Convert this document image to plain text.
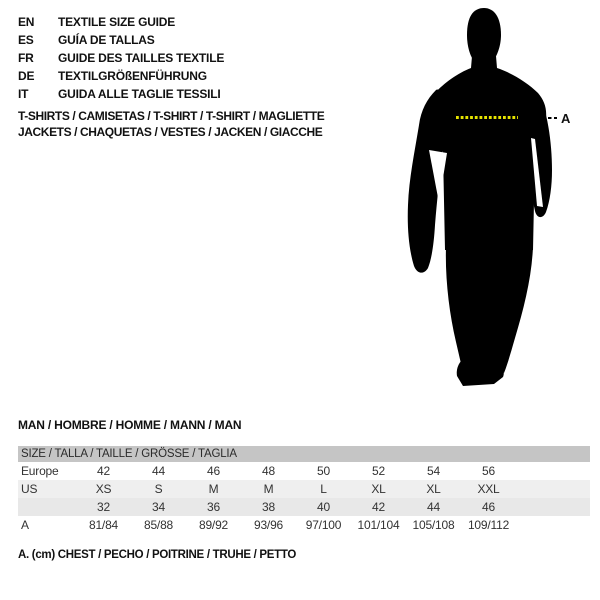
EN	TEXTILE SIZE GUIDE
ES	GUÍA DE TALLAS
FR	GUIDE DES TAILLES TEXTILE
DE	TEXTILGRÖßENFÜHRUNG
IT	GUIDA ALLE TAGLIE TESSILI
T-SHIRTS / CAMISETAS / T-SHIRT / T-SHIRT / MAGLIETTE
JACKETS / CHAQUETAS / VESTES / JACKEN / GIACCHE
A
MAN / HOMBRE / HOMME / MANN / MAN
SIZE / TALLA / TAILLE / GRÖSSE / TAGLIA									
Europe	42	44	46	48	50	52	54	56	
US	XS	S	M	M	L	XL	XL	XXL	
	32	34	36	38	40	42	44	46	
A	81/84	85/88	89/92	93/96	97/100	101/104	105/108	109/112	
A. (cm) CHEST / PECHO / POITRINE / TRUHE / PETTO
